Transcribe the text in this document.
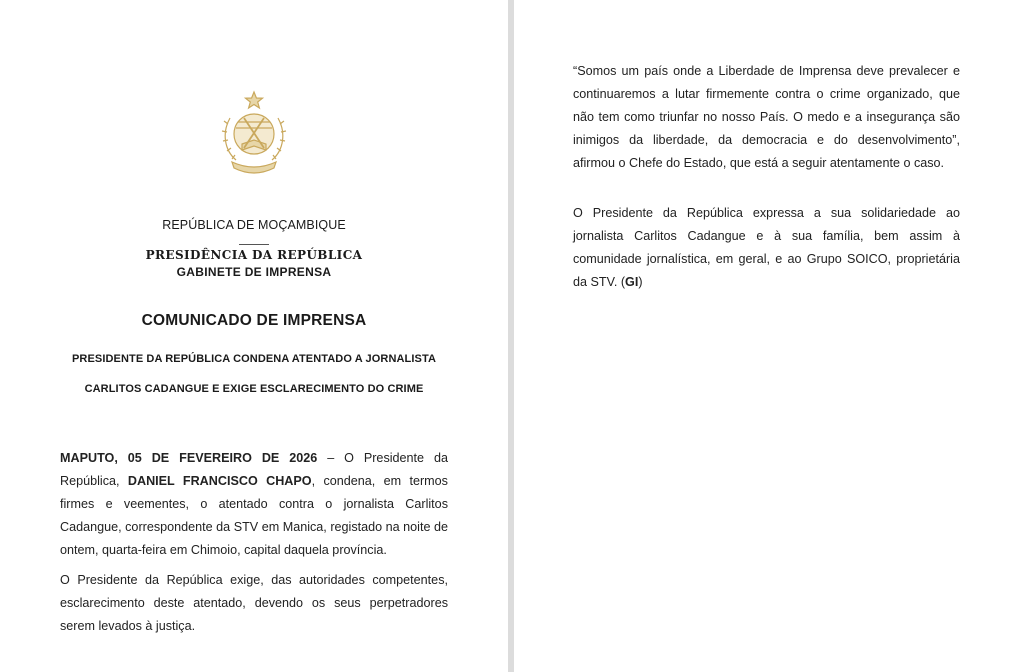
REPÚBLICA DE MOÇAMBIQUE
PRESIDÊNCIA DA REPÚBLICA
GABINETE DE IMPRENSA
COMUNICADO DE IMPRENSA
PRESIDENTE DA REPÚBLICA CONDENA ATENTADO A JORNALISTA
CARLITOS CADANGUE E EXIGE ESCLARECIMENTO DO CRIME

MAPUTO, 05 DE FEVEREIRO DE 2026 – O Presidente da República, DANIEL FRANCISCO CHAPO, condena, em termos firmes e veementes, o atentado contra o jornalista Carlitos Cadangue, correspondente da STV em Manica, registado na noite de ontem, quarta-feira em Chimoio, capital daquela província.

O Presidente da República exige, das autoridades competentes, esclarecimento deste atentado, devendo os seus perpetradores serem levados à justiça.

“Somos um país onde a Liberdade de Imprensa deve prevalecer e continuaremos a lutar firmemente contra o crime organizado, que não tem como triunfar no nosso País. O medo e a insegurança são inimigos da liberdade, da democracia e do desenvolvimento”, afirmou o Chefe do Estado, que está a seguir atentamente o caso.

O Presidente da República expressa a sua solidariedade ao jornalista Carlitos Cadangue e à sua família, bem assim à comunidade jornalística, em geral, e ao Grupo SOICO, proprietária da STV. (GI)
